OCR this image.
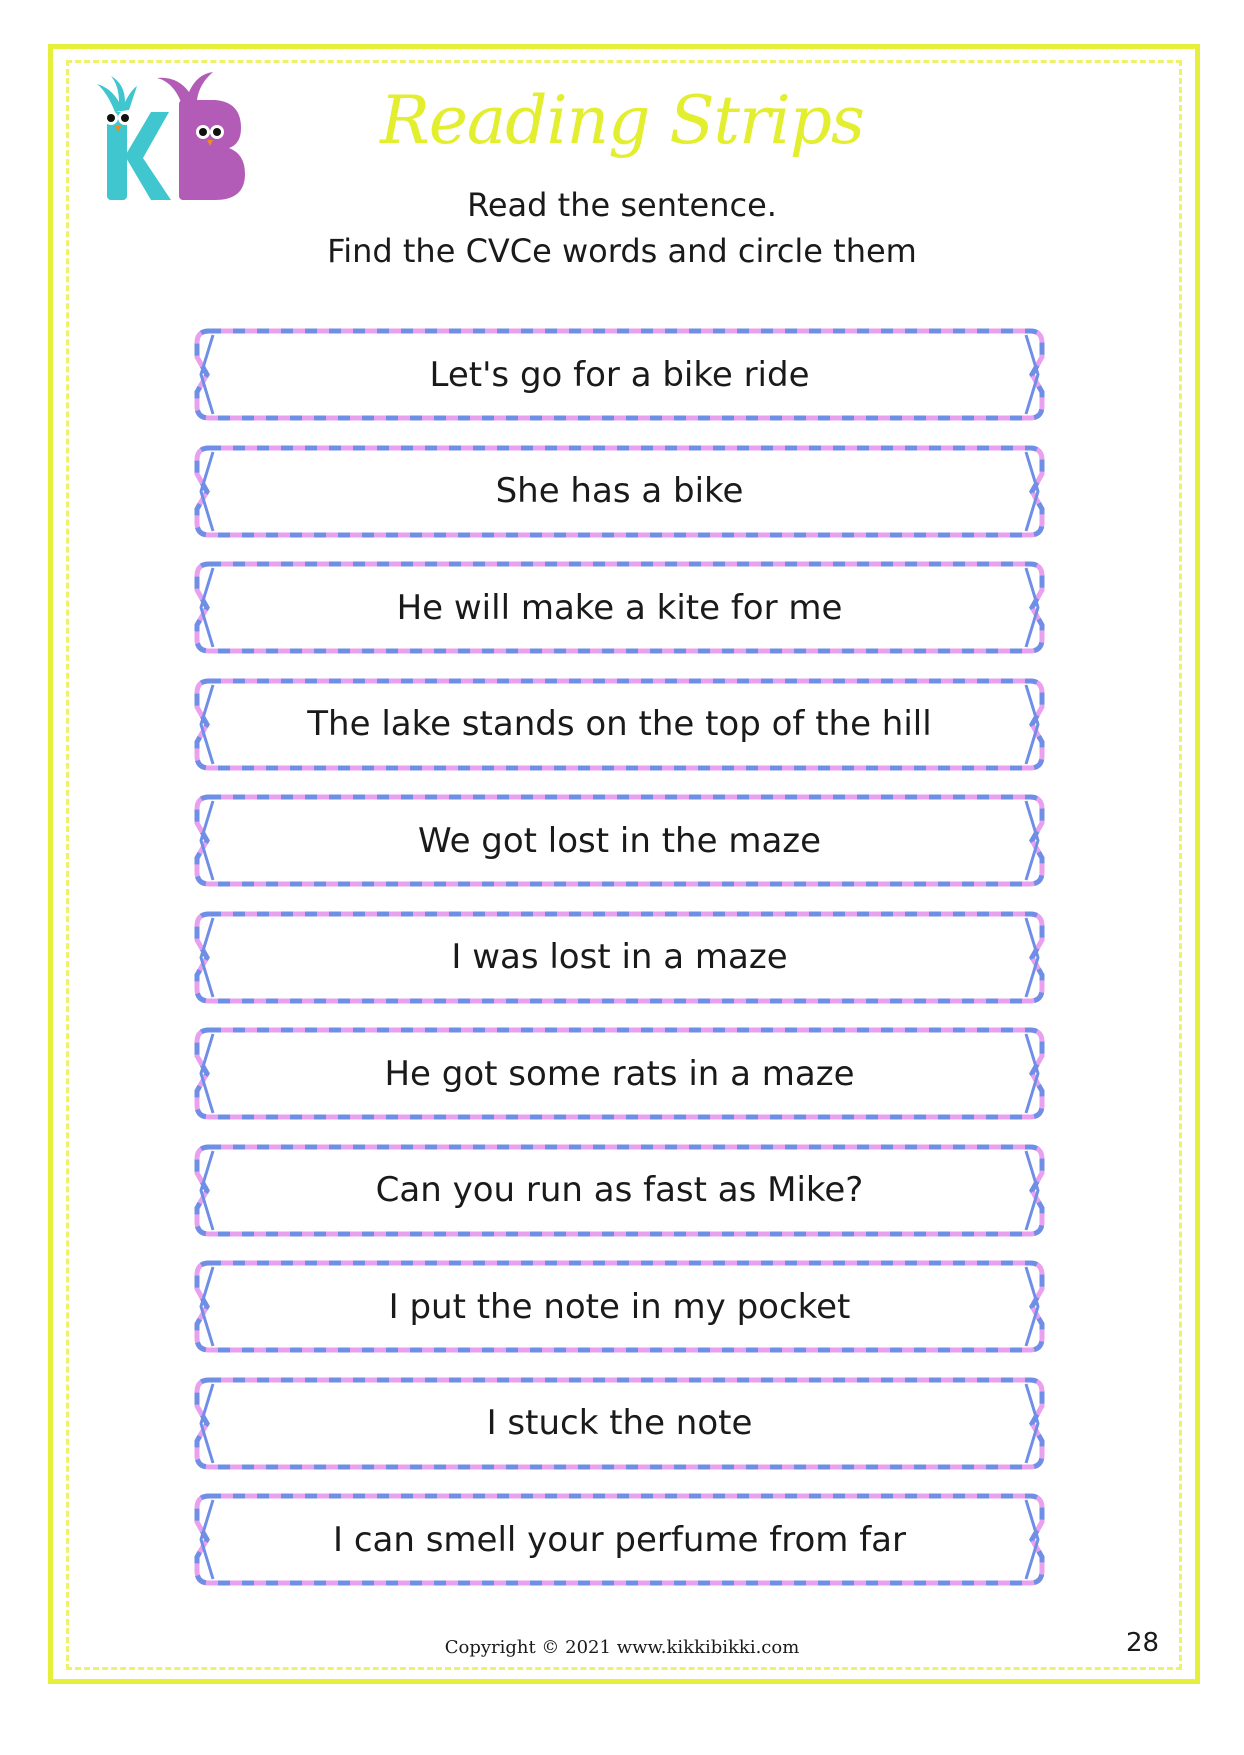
Reading Strips
Read the sentence.
Find the CVCe words and circle them
Let's go for a bike ride
She has a bike
He will make a kite for me
The lake stands on the top of the hill
We got lost in the maze
I was lost in a maze
He got some rats in a maze
Can you run as fast as Mike?
I put the note in my pocket
I stuck the note
I can smell your perfume from far
Copyright © 2021 www.kikkibikki.com	28
